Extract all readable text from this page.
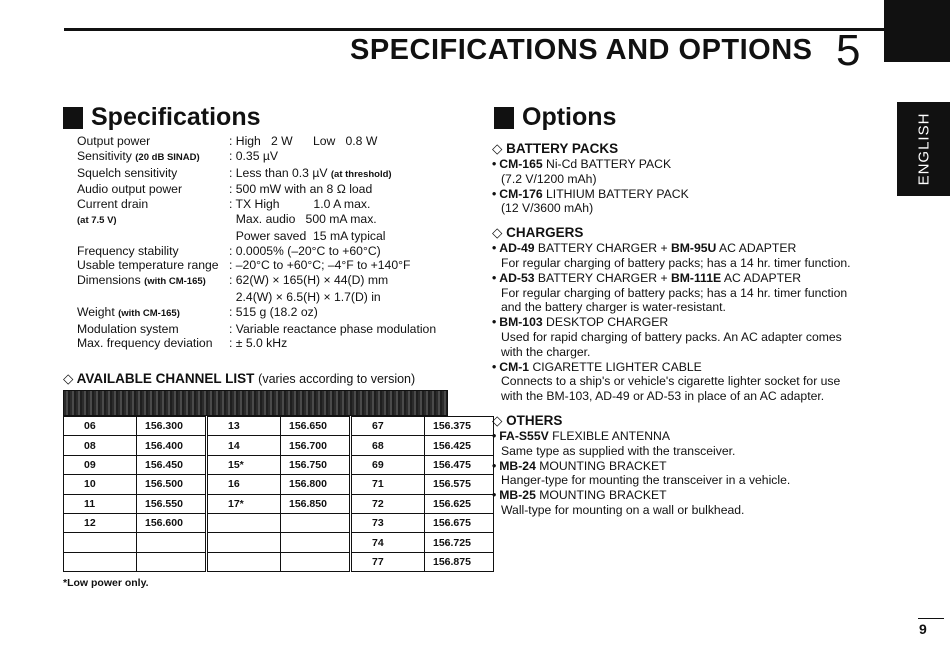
SPECIFICATIONS AND OPTIONS 5
ENGLISH
Specifications
Output power	: High   2 W      Low   0.8 W
Sensitivity (20 dB SINAD)	: 0.35 µV
Squelch sensitivity	: Less than 0.3 µV (at threshold)
Audio output power	: 500 mW with an 8 Ω load
Current drain	: TX High          1.0 A max.
(at 7.5 V)	Max. audio   500 mA max.
Power saved  15 mA typical
Frequency stability	: 0.0005% (–20°C to +60°C)
Usable temperature range : –20°C to +60°C; –4°F to +140°F
Dimensions (with CM-165)	: 62(W) × 165(H) × 44(D) mm
2.4(W) × 6.5(H) × 1.7(D) in
Weight (with CM-165)	: 515 g (18.2 oz)
Modulation system	: Variable reactance phase modulation
Max. frequency deviation	: ± 5.0 kHz
◇ AVAILABLE CHANNEL LIST (varies according to version)
06	156.300	13	156.650	67	156.375
08	156.400	14	156.700	68	156.425
09	156.450	15*	156.750	69	156.475
10	156.500	16	156.800	71	156.575
11	156.550	17*	156.850	72	156.625
12	156.600			73	156.675
				74	156.725
				77	156.875
*Low power only.
Options
◇ BATTERY PACKS
• CM-165 Ni-Cd BATTERY PACK
(7.2 V/1200 mAh)
• CM-176 LITHIUM BATTERY PACK
(12 V/3600 mAh)
◇ CHARGERS
• AD-49 BATTERY CHARGER + BM-95U AC ADAPTER
For regular charging of battery packs; has a 14 hr. timer function.
• AD-53 BATTERY CHARGER + BM-111E AC ADAPTER
For regular charging of battery packs; has a 14 hr. timer function
and the battery charger is water-resistant.
• BM-103 DESKTOP CHARGER
Used for rapid charging of battery packs. An AC adapter comes
with the charger.
• CM-1 CIGARETTE LIGHTER CABLE
Connects to a ship's or vehicle's cigarette lighter socket for use
with the BM-103, AD-49 or AD-53 in place of an AC adapter.
◇ OTHERS
• FA-S55V FLEXIBLE ANTENNA
Same type as supplied with the transceiver.
• MB-24 MOUNTING BRACKET
Hanger-type for mounting the transceiver in a vehicle.
• MB-25 MOUNTING BRACKET
Wall-type for mounting on a wall or bulkhead.
9
